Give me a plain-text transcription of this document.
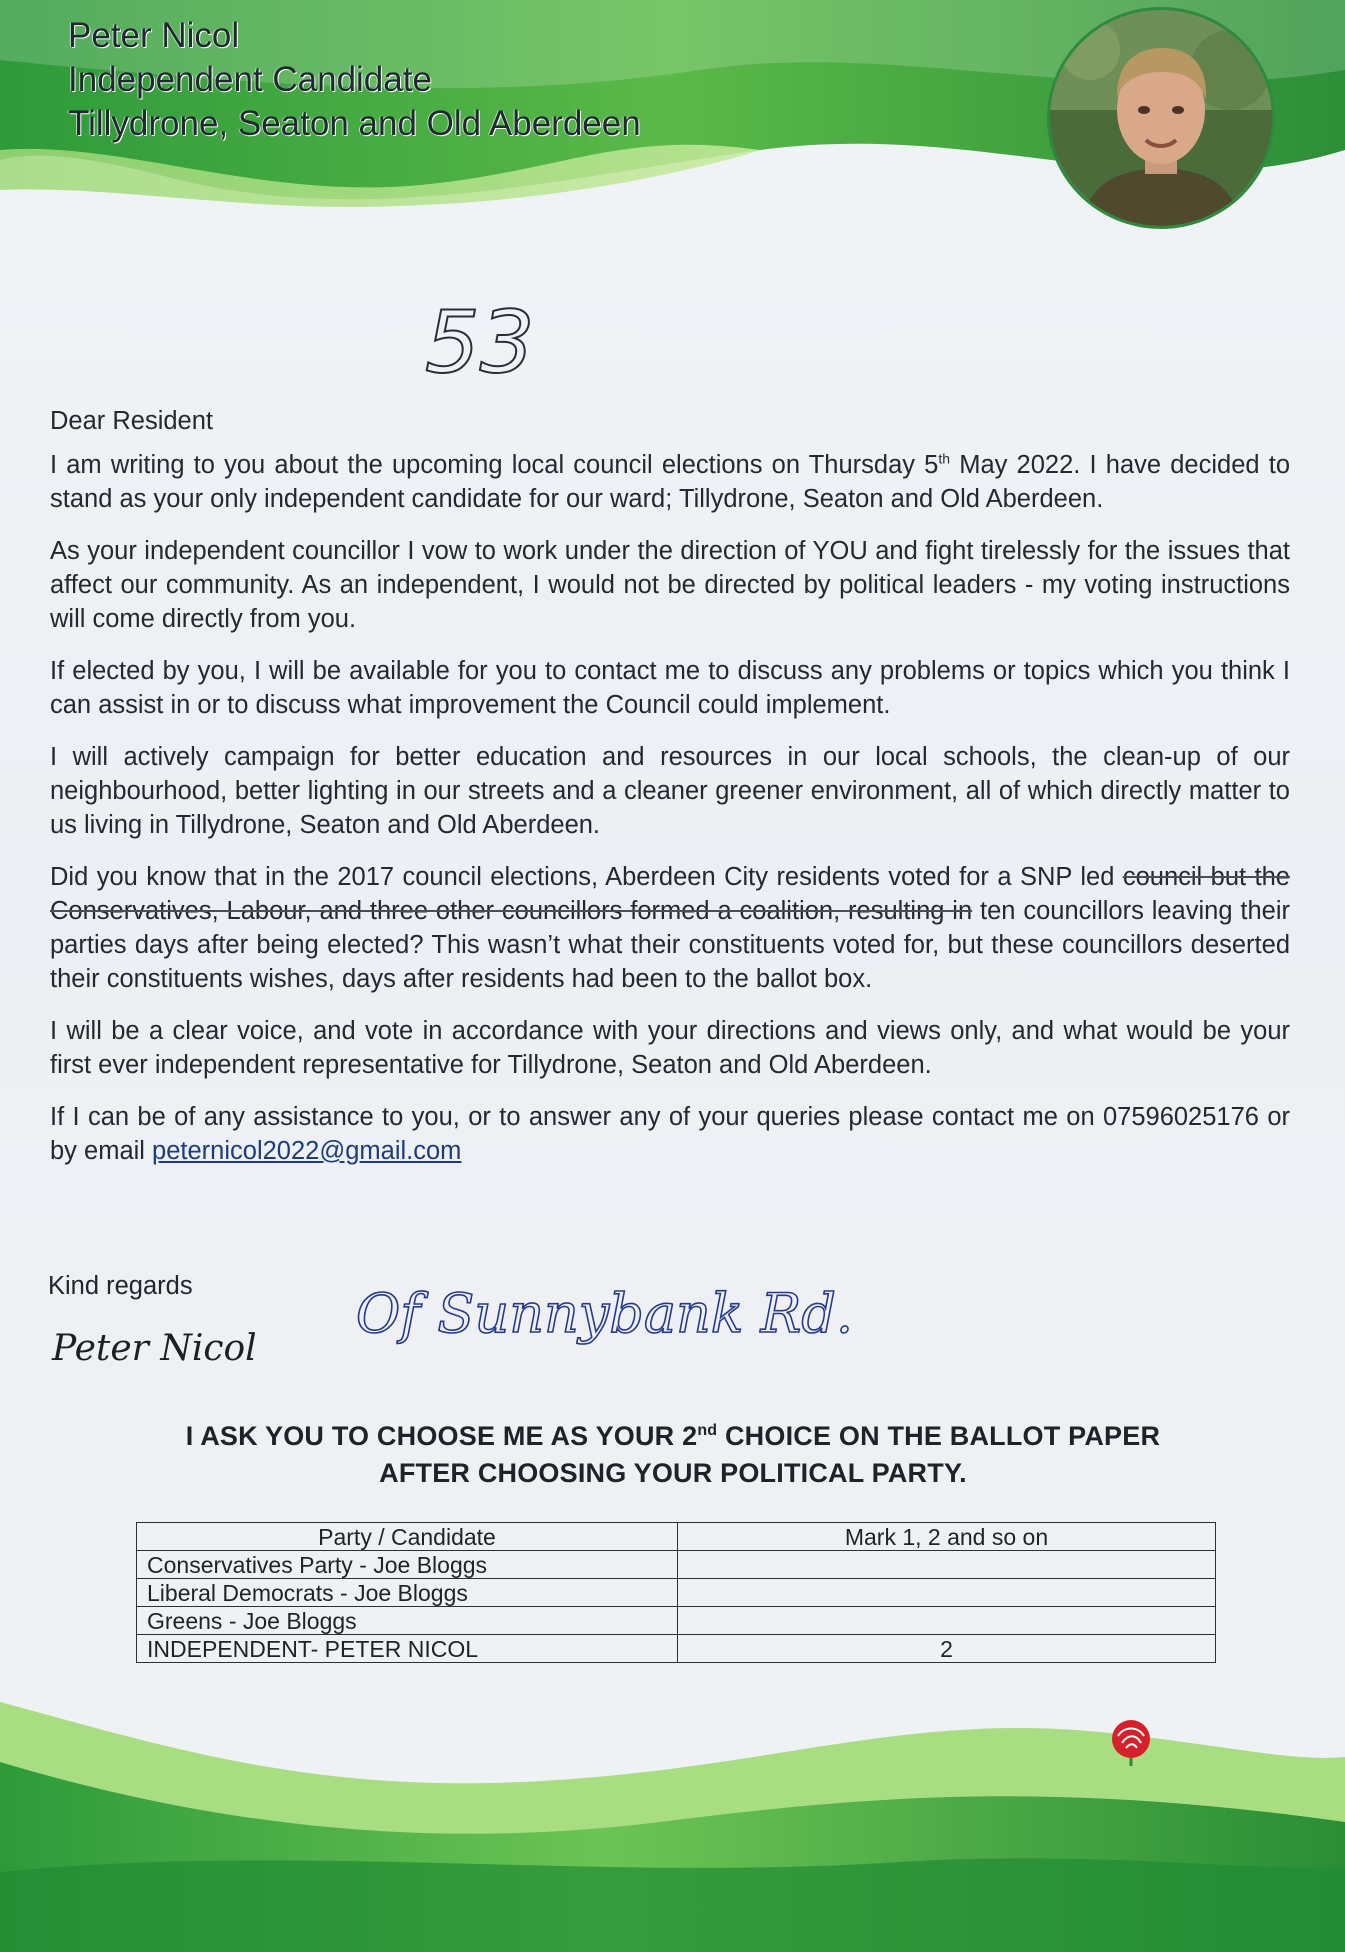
Peter Nicol
Independent Candidate
Tillydrone, Seaton and Old Aberdeen
53

Dear Resident

I am writing to you about the upcoming local council elections on Thursday 5th May 2022. I have decided to stand as your only independent candidate for our ward; Tillydrone, Seaton and Old Aberdeen.

As your independent councillor I vow to work under the direction of YOU and fight tirelessly for the issues that affect our community. As an independent, I would not be directed by political leaders - my voting instructions will come directly from you.

If elected by you, I will be available for you to contact me to discuss any problems or topics which you think I can assist in or to discuss what improvement the Council could implement.

I will actively campaign for better education and resources in our local schools, the clean-up of our neighbourhood, better lighting in our streets and a cleaner greener environment, all of which directly matter to us living in Tillydrone, Seaton and Old Aberdeen.

Did you know that in the 2017 council elections, Aberdeen City residents voted for a SNP led council but the Conservatives, Labour, and three other councillors formed a coalition, resulting in ten councillors leaving their parties days after being elected? This wasn’t what their constituents voted for, but these councillors deserted their constituents wishes, days after residents had been to the ballot box.

I will be a clear voice, and vote in accordance with your directions and views only, and what would be your first ever independent representative for Tillydrone, Seaton and Old Aberdeen.

If I can be of any assistance to you, or to answer any of your queries please contact me on 07596025176 or by email peternicol2022@gmail.com

Kind regards
Peter Nicol
Of Sunnybank Rd.
I ASK YOU TO CHOOSE ME AS YOUR 2nd CHOICE ON THE BALLOT PAPER AFTER CHOOSING YOUR POLITICAL PARTY.
Party / Candidate	Mark 1, 2 and so on
Conservatives Party - Joe Bloggs	
Liberal Democrats - Joe Bloggs	
Greens - Joe Bloggs	
INDEPENDENT- PETER NICOL	2
